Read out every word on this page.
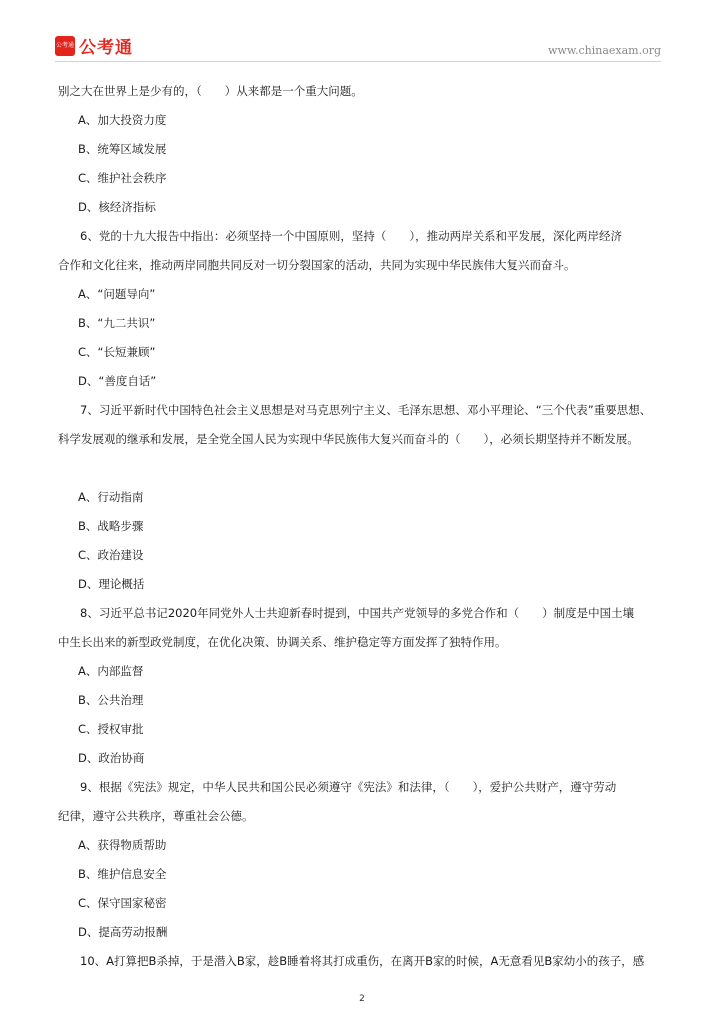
公考通 公考通	www.chinaexam.org
别之大在世界上是少有的，（　　）从来都是一个重大问题。
A、加大投资力度
B、统筹区域发展
C、维护社会秩序
D、核经济指标
6、党的十九大报告中指出：必须坚持一个中国原则，坚持（　　），推动两岸关系和平发展，深化两岸经济
合作和文化往来，推动两岸同胞共同反对一切分裂国家的活动，共同为实现中华民族伟大复兴而奋斗。
A、“问题导向”
B、“九二共识”
C、“长短兼顾”
D、“善度自话”
7、习近平新时代中国特色社会主义思想是对马克思列宁主义、毛泽东思想、邓小平理论、“三个代表”重要思想、
科学发展观的继承和发展，是全党全国人民为实现中华民族伟大复兴而奋斗的（　　），必须长期坚持并不断发展。
A、行动指南
B、战略步骤
C、政治建设
D、理论概括
8、习近平总书记2020年同党外人士共迎新春时提到，中国共产党领导的多党合作和（　　）制度是中国土壤
中生长出来的新型政党制度，在优化决策、协调关系、维护稳定等方面发挥了独特作用。
A、内部监督
B、公共治理
C、授权审批
D、政治协商
9、根据《宪法》规定，中华人民共和国公民必须遵守《宪法》和法律，（　　），爱护公共财产，遵守劳动
纪律，遵守公共秩序，尊重社会公德。
A、获得物质帮助
B、维护信息安全
C、保守国家秘密
D、提高劳动报酬
10、A打算把B杀掉，于是潜入B家，趁B睡着将其打成重伤，在离开B家的时候，A无意看见B家幼小的孩子，感
2
